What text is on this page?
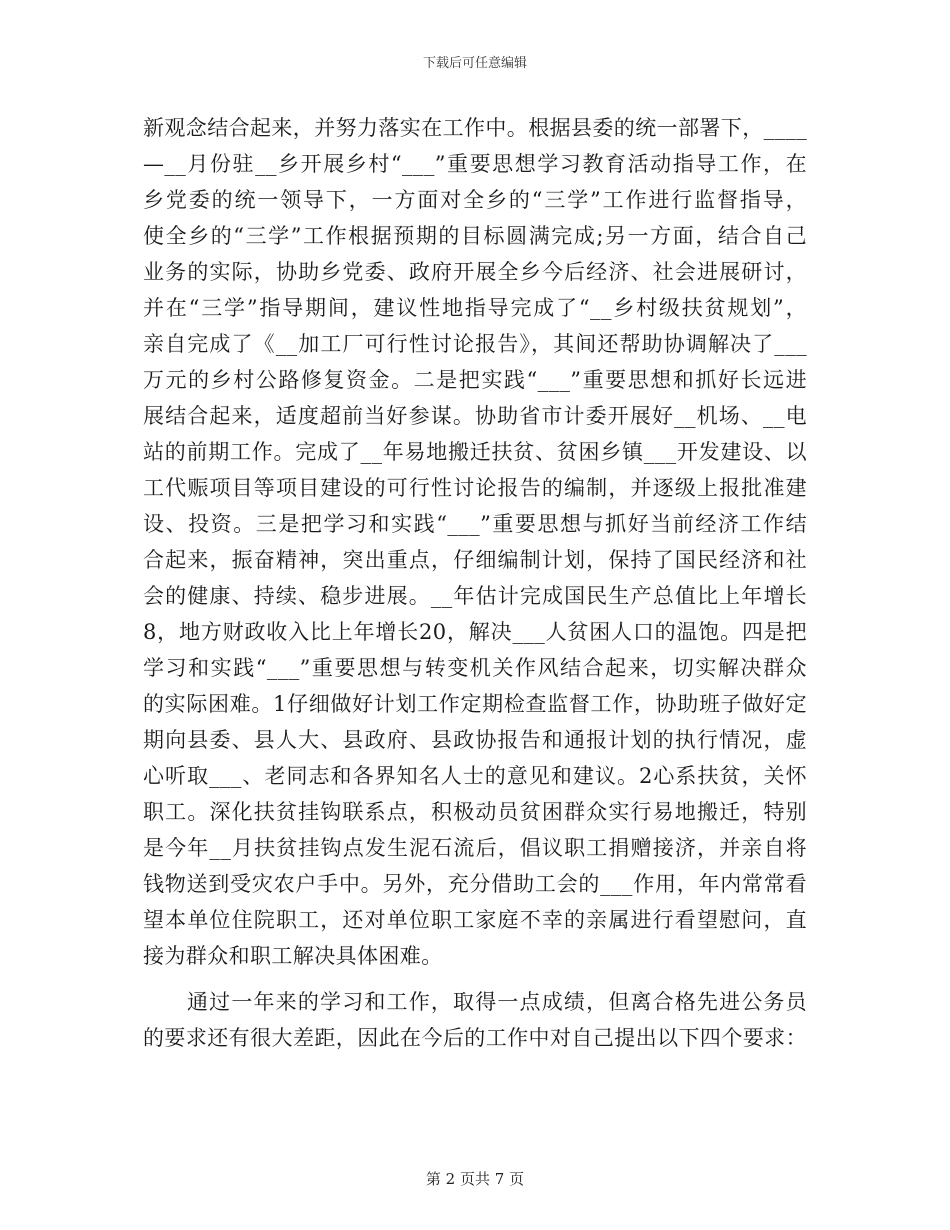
下载后可任意编辑
新观念结合起来，并努力落实在工作中。根据县委的统一部署下，____
—__月份驻__乡开展乡村“___”重要思想学习教育活动指导工作，在
乡党委的统一领导下，一方面对全乡的“三学”工作进行监督指导，
使全乡的“三学”工作根据预期的目标圆满完成;另一方面，结合自己
业务的实际，协助乡党委、政府开展全乡今后经济、社会进展研讨，
并在“三学”指导期间，建议性地指导完成了“__乡村级扶贫规划”，
亲自完成了《__加工厂可行性讨论报告》，其间还帮助协调解决了___
万元的乡村公路修复资金。二是把实践“___”重要思想和抓好长远进
展结合起来，适度超前当好参谋。协助省市计委开展好__机场、__电
站的前期工作。完成了__年易地搬迁扶贫、贫困乡镇___开发建设、以
工代赈项目等项目建设的可行性讨论报告的编制，并逐级上报批准建
设、投资。三是把学习和实践“___”重要思想与抓好当前经济工作结
合起来，振奋精神，突出重点，仔细编制计划，保持了国民经济和社
会的健康、持续、稳步进展。__年估计完成国民生产总值比上年增长
8，地方财政收入比上年增长20，解决___人贫困人口的温饱。四是把
学习和实践“___”重要思想与转变机关作风结合起来，切实解决群众
的实际困难。1仔细做好计划工作定期检查监督工作，协助班子做好定
期向县委、县人大、县政府、县政协报告和通报计划的执行情况，虚
心听取___、老同志和各界知名人士的意见和建议。2心系扶贫，关怀
职工。深化扶贫挂钩联系点，积极动员贫困群众实行易地搬迁，特别
是今年__月扶贫挂钩点发生泥石流后，倡议职工捐赠接济，并亲自将
钱物送到受灾农户手中。另外，充分借助工会的___作用，年内常常看
望本单位住院职工，还对单位职工家庭不幸的亲属进行看望慰问，直
接为群众和职工解决具体困难。
通过一年来的学习和工作，取得一点成绩，但离合格先进公务员
的要求还有很大差距，因此在今后的工作中对自己提出以下四个要求：
第 2 页共 7 页
